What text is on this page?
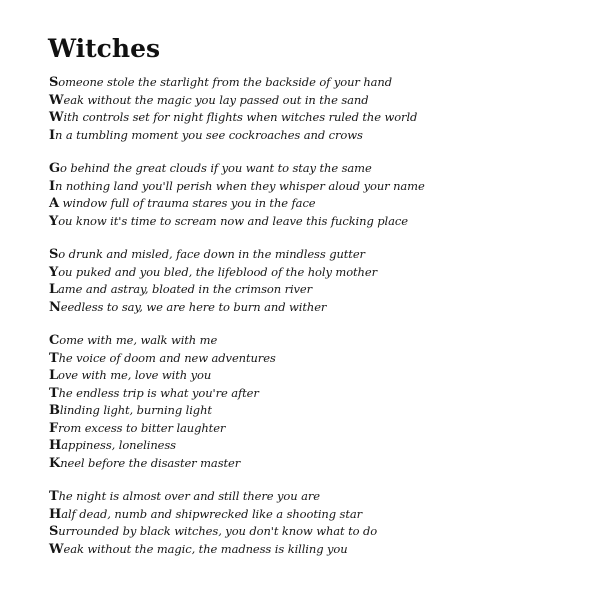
Witches
Someone stole the starlight from the backside of your hand
Weak without the magic you lay passed out in the sand
With controls set for night flights when witches ruled the world
In a tumbling moment you see cockroaches and crows
Go behind the great clouds if you want to stay the same
In nothing land you'll perish when they whisper aloud your name
A window full of trauma stares you in the face
You know it's time to scream now and leave this fucking place
So drunk and misled, face down in the mindless gutter
You puked and you bled, the lifeblood of the holy mother
Lame and astray, bloated in the crimson river
Needless to say, we are here to burn and wither
Come with me, walk with me
The voice of doom and new adventures
Love with me, love with you
The endless trip is what you're after
Blinding light, burning light
From excess to bitter laughter
Happiness, loneliness
Kneel before the disaster master
The night is almost over and still there you are
Half dead, numb and shipwrecked like a shooting star
Surrounded by black witches, you don't know what to do
Weak without the magic, the madness is killing you
